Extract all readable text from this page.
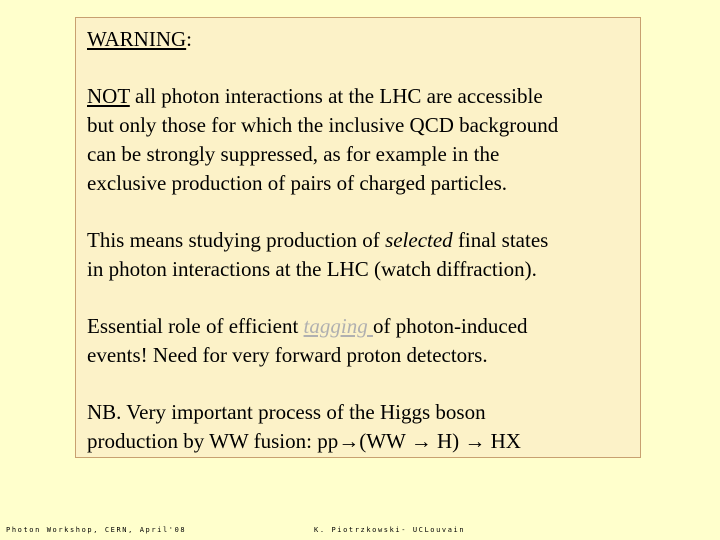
WARNING:

NOT all photon interactions at the LHC are accessible
but only those for which the inclusive QCD background
can be strongly suppressed, as for example in the
exclusive production of pairs of charged particles.
This means studying production of selected final states
in photon interactions at the LHC (watch diffraction).
Essential role of efficient tagging of photon-induced
events! Need for very forward proton detectors.
NB. Very important process of the Higgs boson
production by WW fusion: pp→(WW → H) → HX
Photon Workshop, CERN, April'08	K. Piotrzkowski- UCLouvain
